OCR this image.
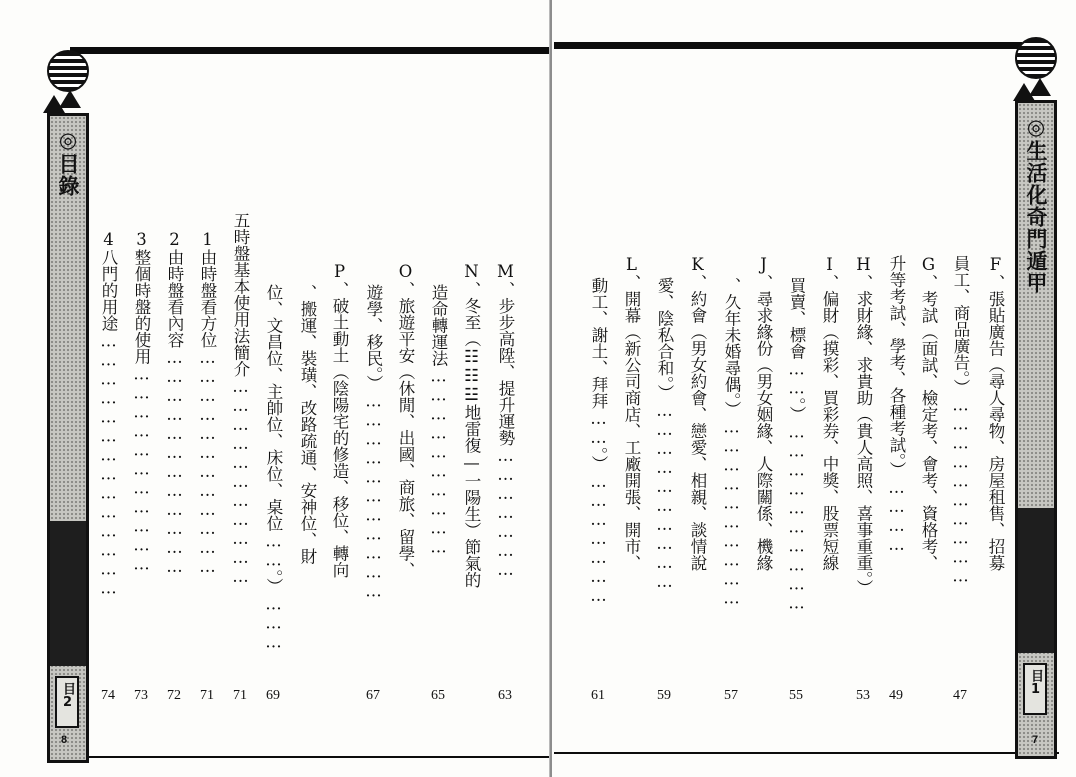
◎目錄
目2
8
M、步步高陞、提升運勢…………………
N、冬至（☷☷☳地雷復—一陽生）節氣的
造命轉運法…………………………
O、旅遊平安（休閒、出國、商旅、留學、
遊學、移民。）……………………………
P、破土動土（陰陽宅的修造、移位、轉向
、搬運、裝璜、改路疏通、安神位、財
位、文昌位、主帥位、床位、桌位……。）………
五時盤基本使用法簡介……………………………
1由時盤看方位………………………………
2由時盤看內容………………………………
3整個時盤的使用……………………………
4八門的用途……………………………………
63
65
67
69
71
71
72
73
74
◎生活化奇門遁甲
目1
7
F、張貼廣告（尋人尋物、房屋租售、招募
員工、商品廣告。）…………………………
G、考試（面試、檢定考、會考、資格考、
升等考試、學考、各種考試。）…………
H、求財緣、求貴助（貴人高照、喜事重重。）
I、偏財（摸彩、買彩券、中獎、股票短線
買賣、標會……。）…………………………
J、尋求緣份（男女姻緣、人際關係、機緣
、久年未婚尋偶。）…………………………
K、約會（男女約會、戀愛、相親、談情說
愛、陰私合和。）…………………………
L、開幕（新公司商店、工廠開張、開市、
動工、謝土、拜拜……。）…………………
47
49
53
55
57
59
61
